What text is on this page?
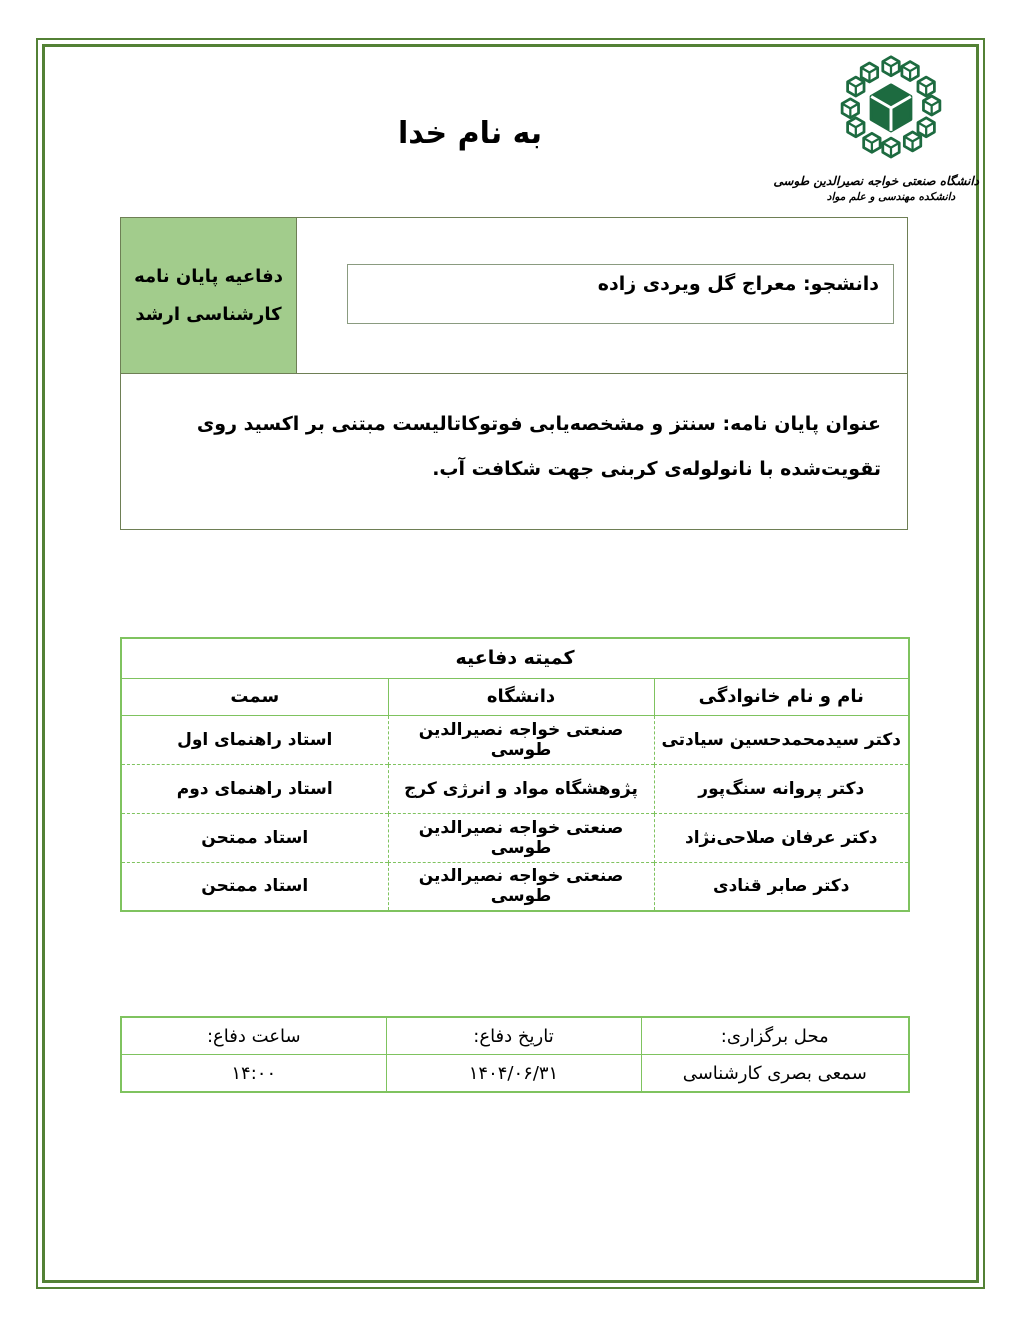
دانشگاه صنعتی خواجه نصیرالدین طوسی
دانشکده مهندسی و علم مواد
به نام خدا
دانشجو: معراج گل ویردی زاده
دفاعیه پایان نامه
کارشناسی ارشد
عنوان پایان نامه: سنتز و مشخصه‌یابی فوتوکاتالیست مبتنی بر اکسید روی تقویت‌شده با نانولوله‌ی کربنی جهت شکافت آب.
کمیته دفاعیه		
نام و نام خانوادگی	دانشگاه	سمت
دکتر سیدمحمدحسین سیادتی	صنعتی خواجه نصیرالدین طوسی	استاد راهنمای اول
دکتر پروانه سنگ‌پور	پژوهشگاه مواد و انرژی کرج	استاد راهنمای دوم
دکتر عرفان صلاحی‌نژاد	صنعتی خواجه نصیرالدین طوسی	استاد ممتحن
دکتر صابر قنادی	صنعتی خواجه نصیرالدین طوسی	استاد ممتحن
محل برگزاری:	تاریخ دفاع:	ساعت دفاع:
سمعی بصری کارشناسی	۱۴۰۴/۰۶/۳۱	۱۴:۰۰
